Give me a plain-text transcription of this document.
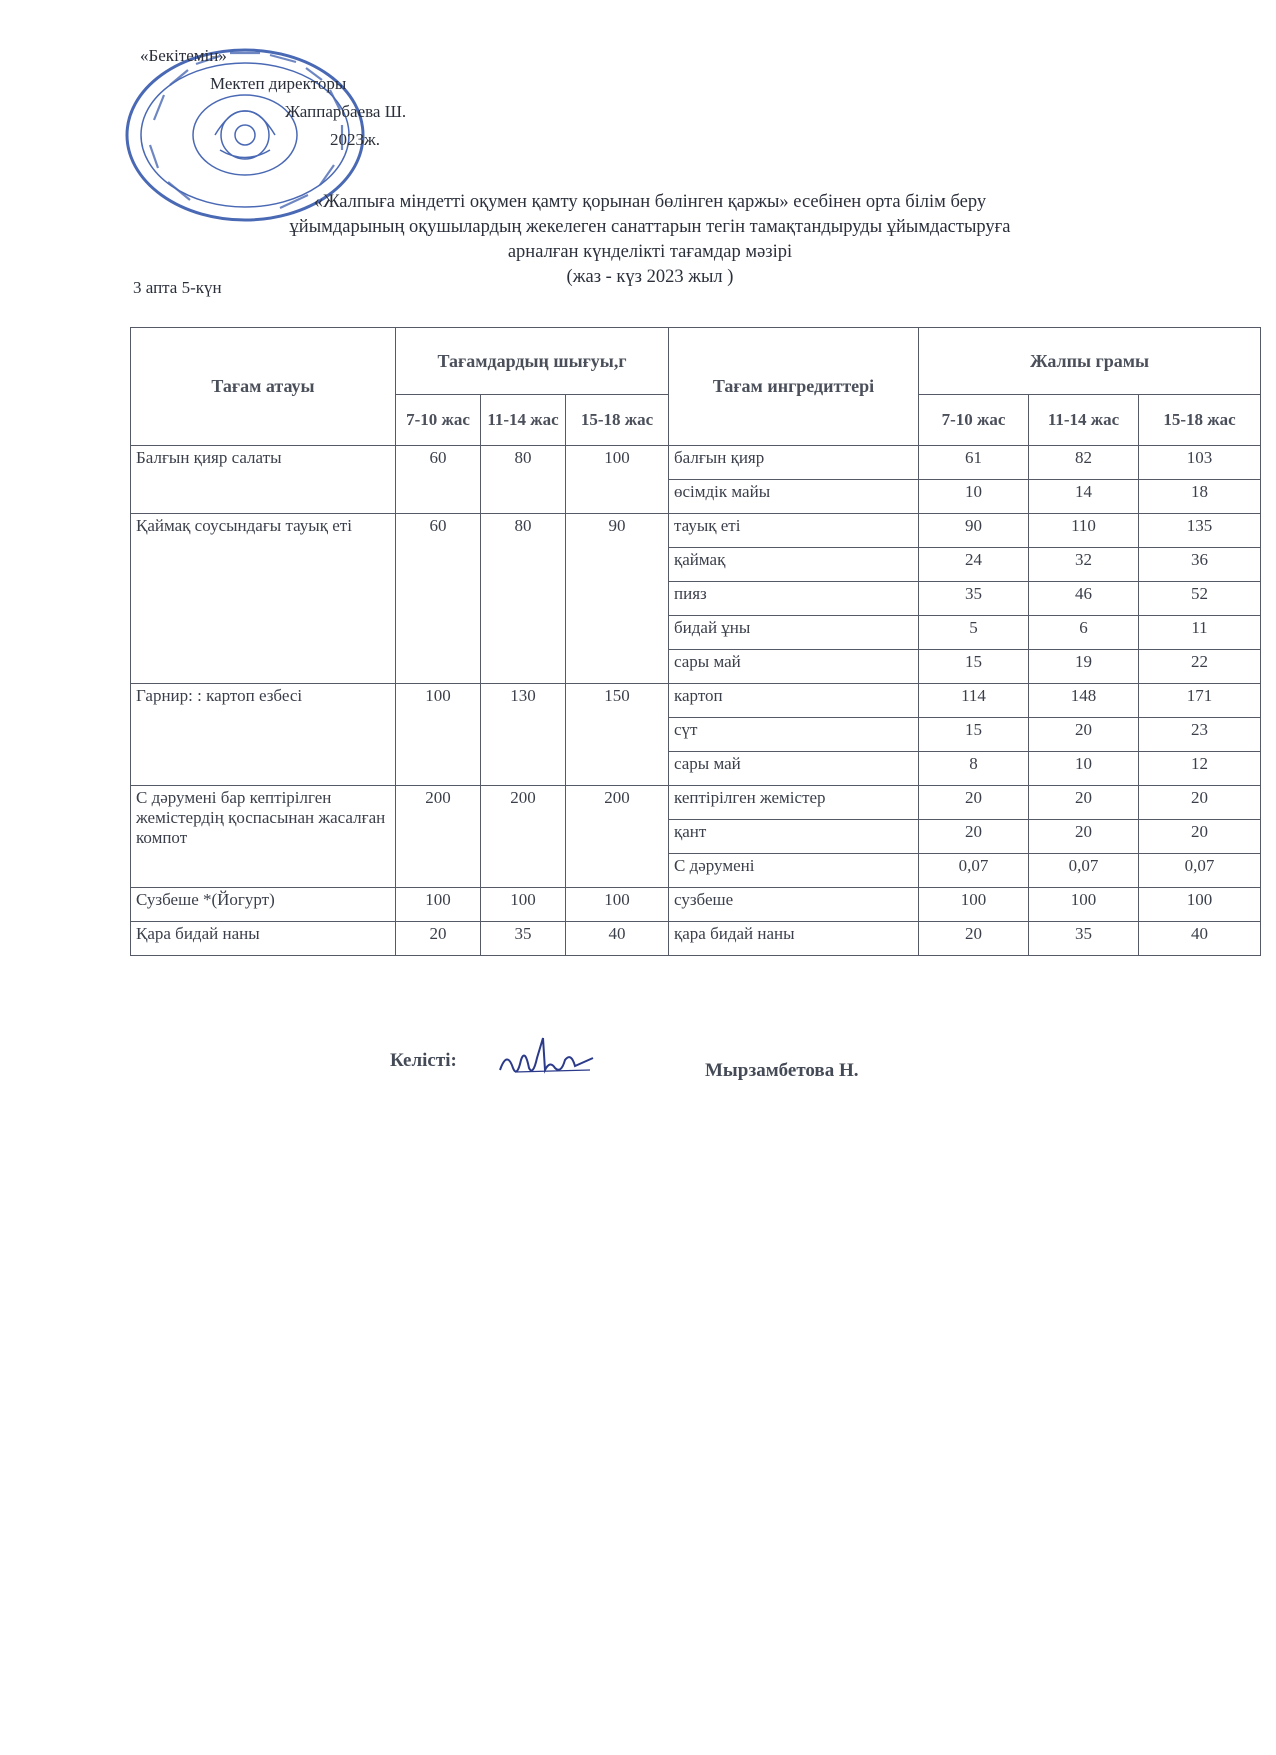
«Бекітемін»
Мектеп директоры
Жаппарбаева Ш.
2023ж.
«Жалпыға міндетті оқумен қамту қорынан бөлінген қаржы» есебінен орта білім беру
ұйымдарының оқушылардың жекелеген санаттарын тегін тамақтандыруды ұйымдастыруға
арналған күнделікті тағамдар мәзірі
(жаз - күз 2023 жыл )
3 апта 5-күн
Тағам атауы	Тағамдардың шығуы,г			Тағам ингредиттері	Жалпы грамы		
	7-10 жас	11-14 жас	15-18 жас		7-10 жас	11-14 жас	15-18 жас
Балғын қияр салаты	60	80	100	балғын қияр	61	82	103
				өсімдік майы	10	14	18
Қаймақ соусындағы тауық еті	60	80	90	тауық еті	90	110	135
				қаймақ	24	32	36
				пияз	35	46	52
				бидай ұны	5	6	11
				сары май	15	19	22
Гарнир: : картоп езбесі	100	130	150	картоп	114	148	171
				сүт	15	20	23
				сары май	8	10	12
С дәрумені бар кептірілген жемістердің қоспасынан жасалған компот	200	200	200	кептірілген жемістер	20	20	20
				қант	20	20	20
				С дәрумені	0,07	0,07	0,07
Сузбеше *(Йогурт)	100	100	100	сузбеше	100	100	100
Қара бидай наны	20	35	40	қара бидай наны	20	35	40
Келісті:	Мырзамбетова Н.
